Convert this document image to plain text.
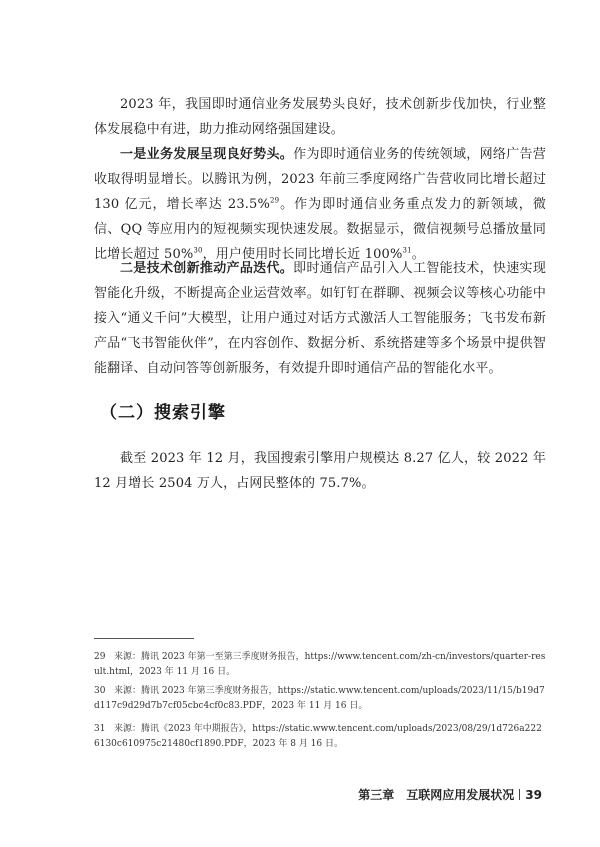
2023 年，我国即时通信业务发展势头良好，技术创新步伐加快，行业整体发展稳中有进，助力推动网络强国建设。

一是业务发展呈现良好势头。作为即时通信业务的传统领域，网络广告营收取得明显增长。以腾讯为例，2023 年前三季度网络广告营收同比增长超过 130 亿元，增长率达 23.5%$^{29}$。作为即时通信业务重点发力的新领域，微信、QQ 等应用内的短视频实现快速发展。数据显示，微信视频号总播放量同比增长超过 50%$^{30}$，用户使用时长同比增长近 100%$^{31}$。

二是技术创新推动产品迭代。即时通信产品引入人工智能技术，快速实现智能化升级，不断提高企业运营效率。如钉钉在群聊、视频会议等核心功能中接入“通义千问”大模型，让用户通过对话方式激活人工智能服务；飞书发布新产品“飞书智能伙伴”，在内容创作、数据分析、系统搭建等多个场景中提供智能翻译、自动问答等创新服务，有效提升即时通信产品的智能化水平。

（二）搜索引擎

截至 2023 年 12 月，我国搜索引擎用户规模达 8.27 亿人，较 2022 年 12 月增长 2504 万人，占网民整体的 75.7%。

29 来源：腾讯 2023 年第一至第三季度财务报告，https://www.tencent.com/zh-cn/investors/quarter-result.html，2023 年 11 月 16 日。

30 来源：腾讯 2023 年第三季度财务报告，https://static.www.tencent.com/uploads/2023/11/15/b19d7d117c9d29d7b7cf05cbc4cf0c83.PDF，2023 年 11 月 16 日。

31 来源：腾讯《2023 年中期报告》，https://static.www.tencent.com/uploads/2023/08/29/1d726a2226130c610975c21480cf1890.PDF，2023 年 8 月 16 日。

第三章　互联网应用发展状况 39
